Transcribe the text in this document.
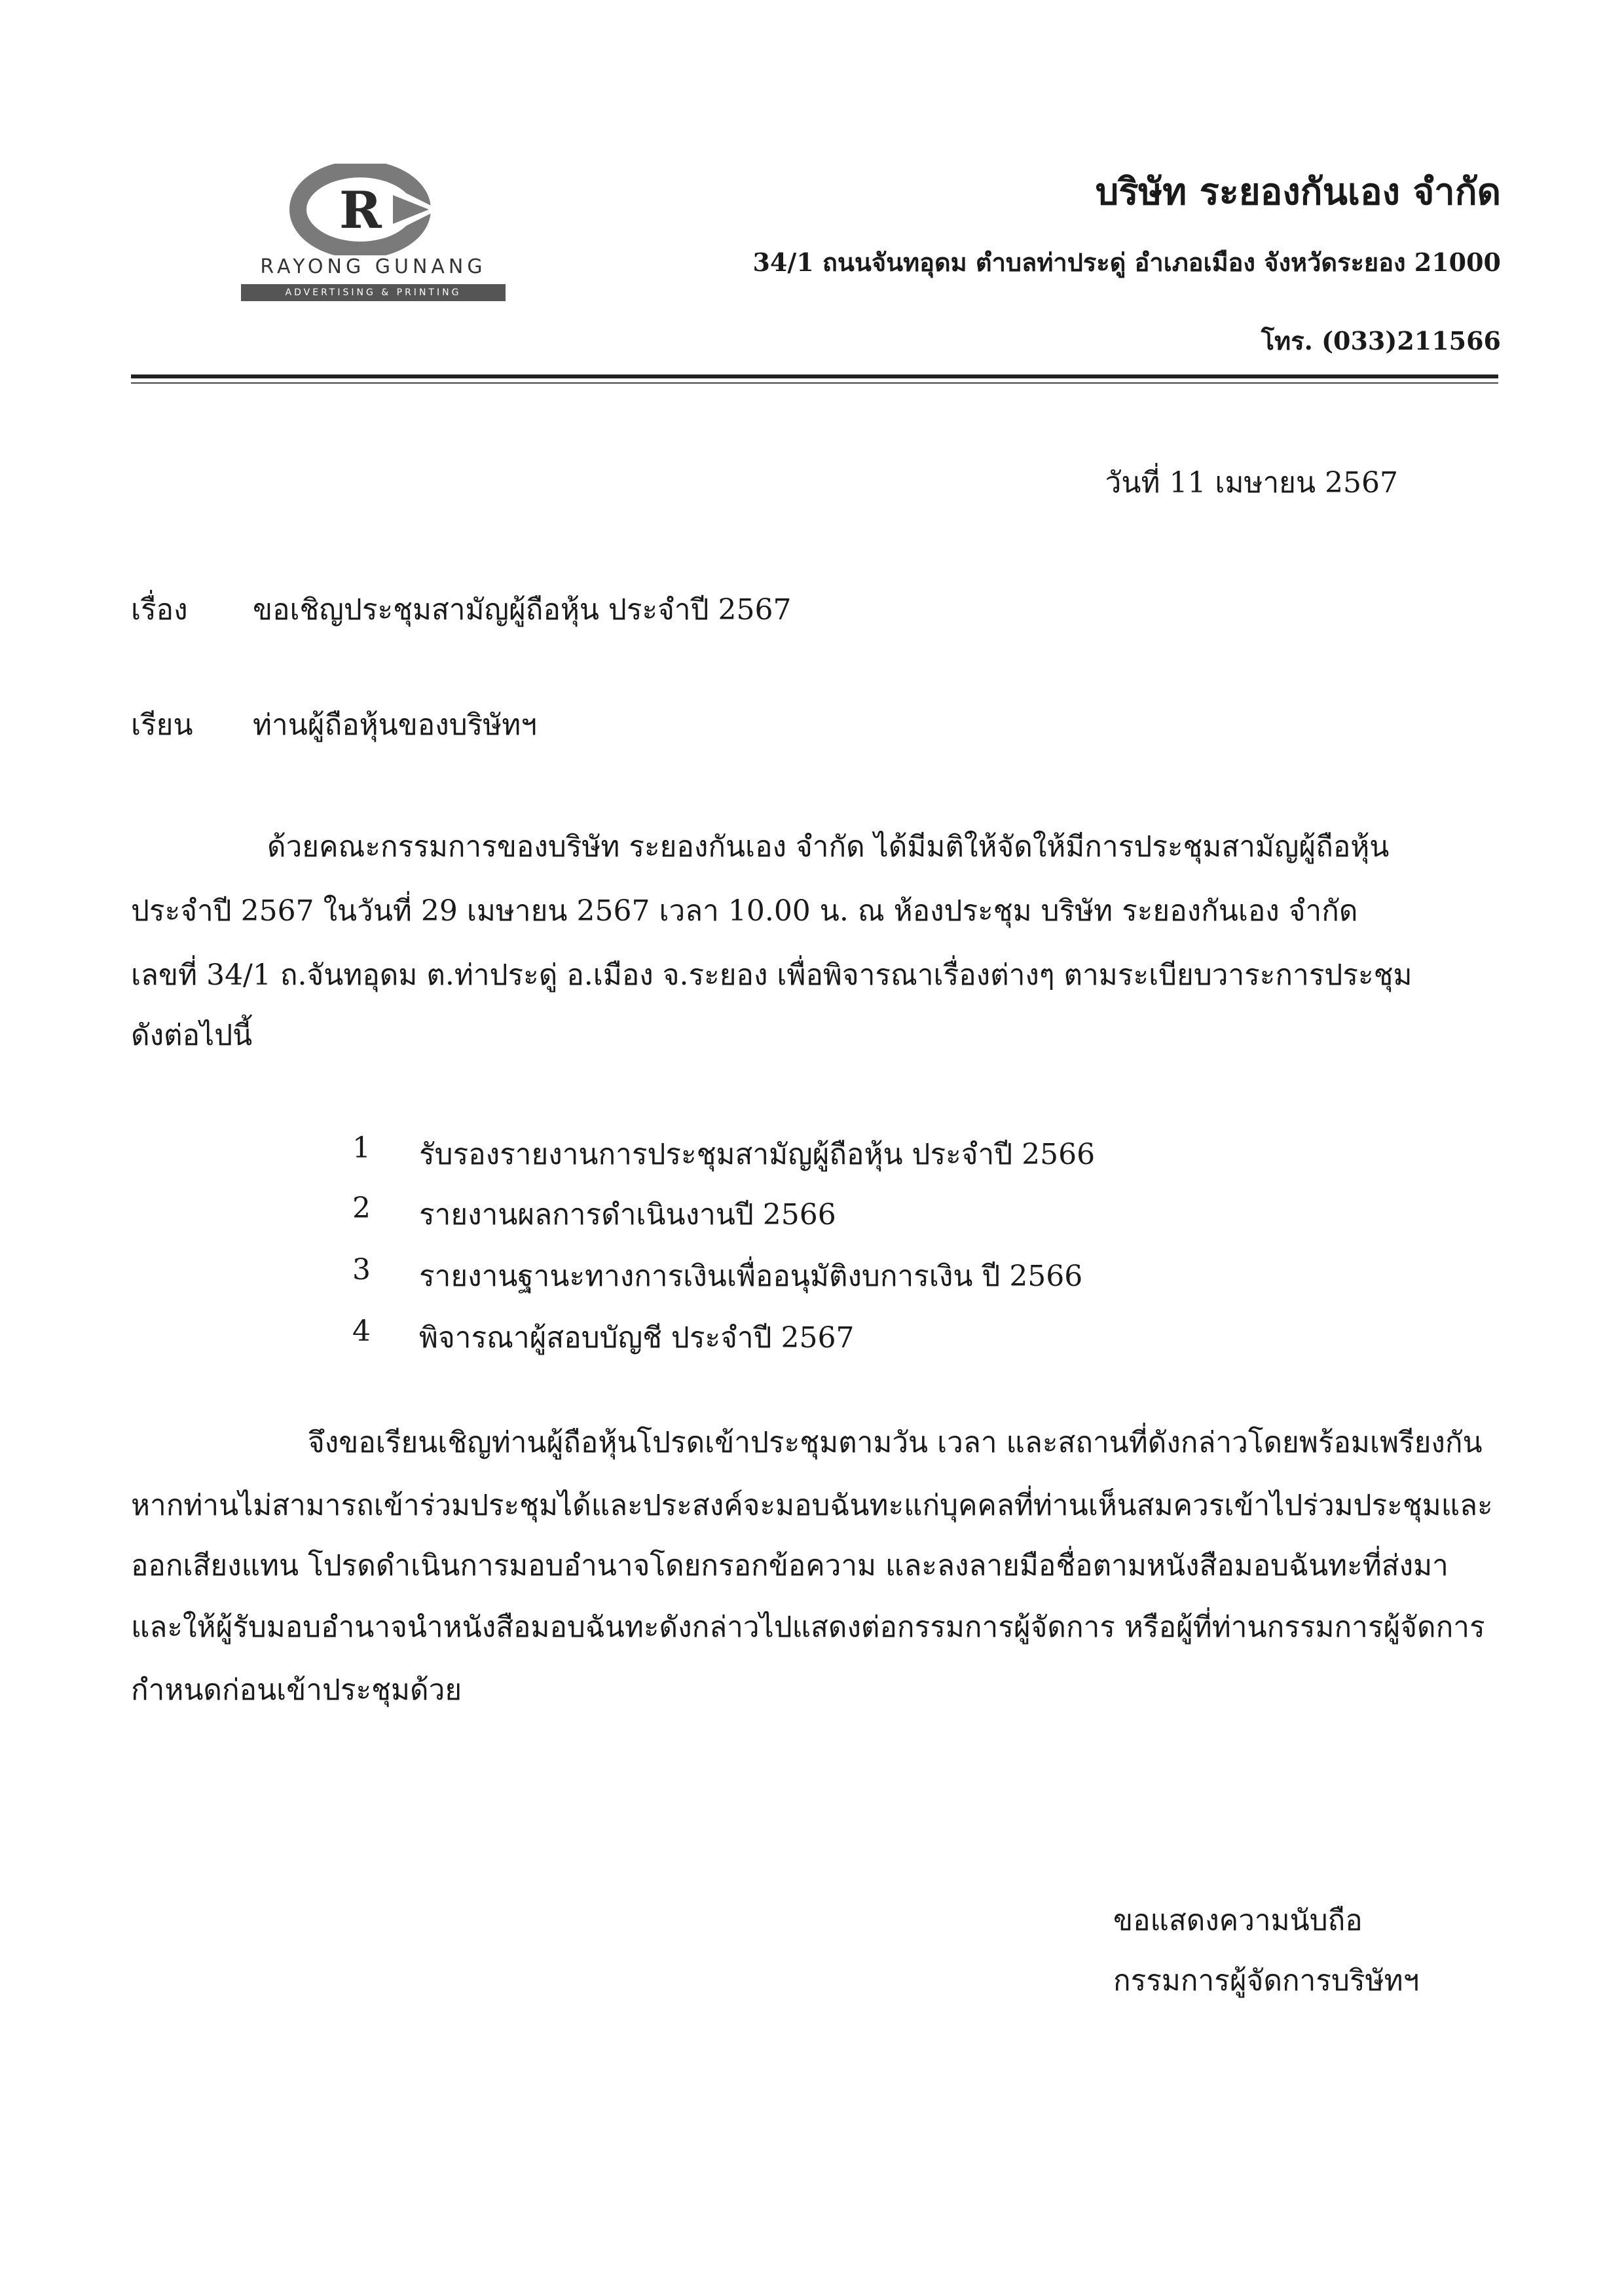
R
RAYONG GUNANG
ADVERTISING & PRINTING
บริษัท ระยองกันเอง จำกัด
34/1 ถนนจันทอุดม ตำบลท่าประดู่ อำเภอเมือง จังหวัดระยอง 21000
โทร. (033)211566
วันที่ 11 เมษายน 2567
เรื่อง ขอเชิญประชุมสามัญผู้ถือหุ้น ประจำปี 2567
เรียน ท่านผู้ถือหุ้นของบริษัทฯ
ด้วยคณะกรรมการของบริษัท ระยองกันเอง จำกัด ได้มีมติให้จัดให้มีการประชุมสามัญผู้ถือหุ้น
ประจำปี 2567 ในวันที่ 29 เมษายน 2567 เวลา 10.00 น. ณ ห้องประชุม บริษัท ระยองกันเอง จำกัด
เลขที่ 34/1 ถ.จันทอุดม ต.ท่าประดู่ อ.เมือง จ.ระยอง เพื่อพิจารณาเรื่องต่างๆ ตามระเบียบวาระการประชุม
ดังต่อไปนี้
1 รับรองรายงานการประชุมสามัญผู้ถือหุ้น ประจำปี 2566
2 รายงานผลการดำเนินงานปี 2566
3 รายงานฐานะทางการเงินเพื่ออนุมัติงบการเงิน ปี 2566
4 พิจารณาผู้สอบบัญชี ประจำปี 2567
จึงขอเรียนเชิญท่านผู้ถือหุ้นโปรดเข้าประชุมตามวัน เวลา และสถานที่ดังกล่าวโดยพร้อมเพรียงกัน
หากท่านไม่สามารถเข้าร่วมประชุมได้และประสงค์จะมอบฉันทะแก่บุคคลที่ท่านเห็นสมควรเข้าไปร่วมประชุมและ
ออกเสียงแทน โปรดดำเนินการมอบอำนาจโดยกรอกข้อความ และลงลายมือชื่อตามหนังสือมอบฉันทะที่ส่งมา
และให้ผู้รับมอบอำนาจนำหนังสือมอบฉันทะดังกล่าวไปแสดงต่อกรรมการผู้จัดการ หรือผู้ที่ท่านกรรมการผู้จัดการ
กำหนดก่อนเข้าประชุมด้วย
ขอแสดงความนับถือ
กรรมการผู้จัดการบริษัทฯ
